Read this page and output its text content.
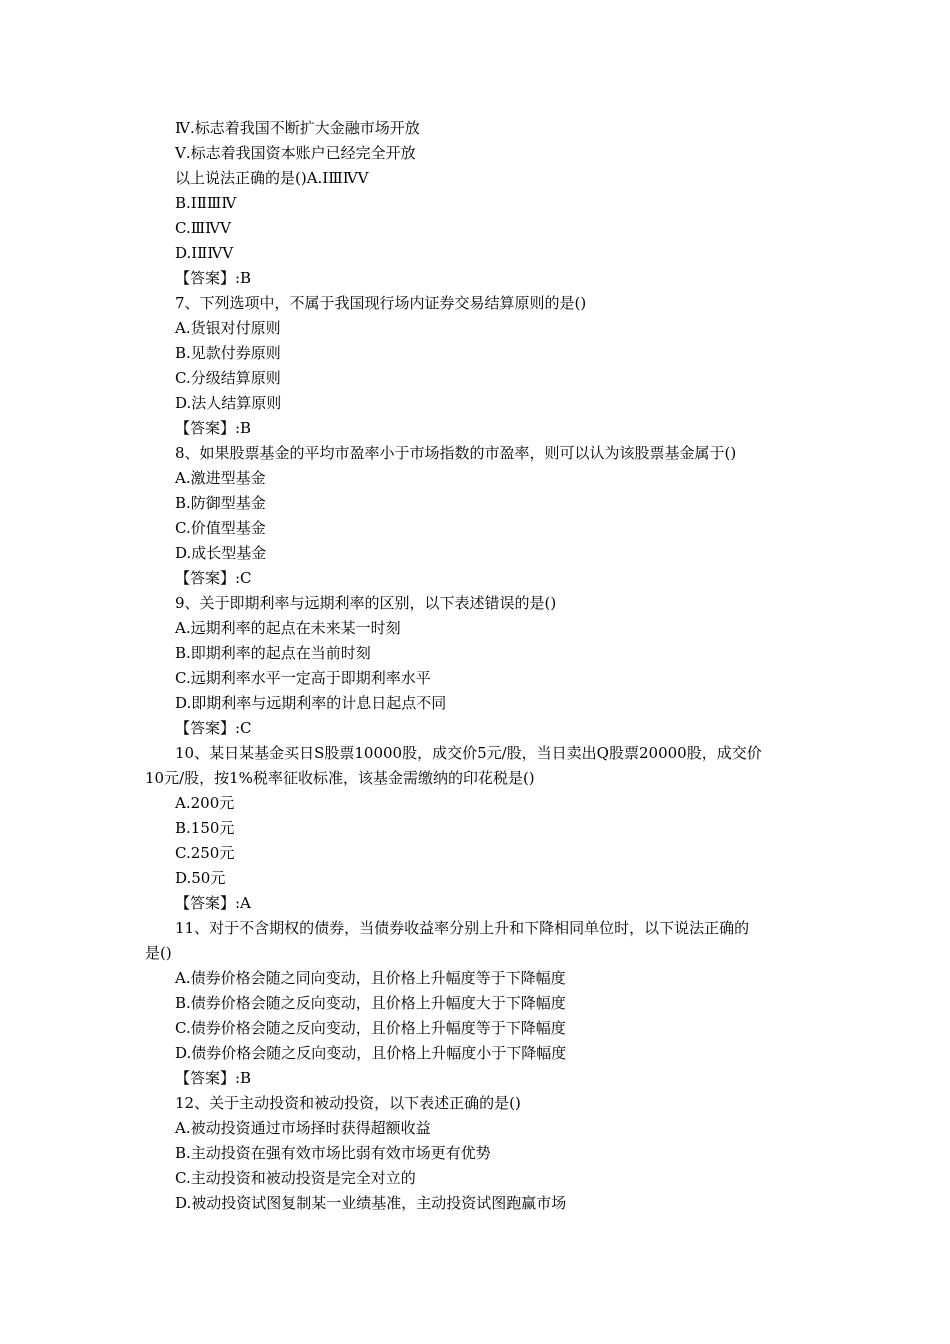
Ⅳ.标志着我国不断扩大金融市场开放
Ⅴ.标志着我国资本账户已经完全开放
以上说法正确的是()A.ⅠⅢⅣⅤ
B.ⅠⅡⅢⅣ
C.ⅢⅣⅤ
D.ⅠⅡⅣⅤ
【答案】:B
7、下列选项中，不属于我国现行场内证券交易结算原则的是()
A.货银对付原则
B.见款付券原则
C.分级结算原则
D.法人结算原则
【答案】:B
8、如果股票基金的平均市盈率小于市场指数的市盈率，则可以认为该股票基金属于()
A.激进型基金
B.防御型基金
C.价值型基金
D.成长型基金
【答案】:C
9、关于即期利率与远期利率的区别，以下表述错误的是()
A.远期利率的起点在未来某一时刻
B.即期利率的起点在当前时刻
C.远期利率水平一定高于即期利率水平
D.即期利率与远期利率的计息日起点不同
【答案】:C
10、某日某基金买日S股票10000股，成交价5元/股，当日卖出Q股票20000股，成交价
10元/股，按1%税率征收标准，该基金需缴纳的印花税是()
A.200元
B.150元
C.250元
D.50元
【答案】:A
11、对于不含期权的债券，当债券收益率分别上升和下降相同单位时，以下说法正确的
是()
A.债券价格会随之同向变动，且价格上升幅度等于下降幅度
B.债券价格会随之反向变动，且价格上升幅度大于下降幅度
C.债券价格会随之反向变动，且价格上升幅度等于下降幅度
D.债券价格会随之反向变动，且价格上升幅度小于下降幅度
【答案】:B
12、关于主动投资和被动投资，以下表述正确的是()
A.被动投资通过市场择时获得超额收益
B.主动投资在强有效市场比弱有效市场更有优势
C.主动投资和被动投资是完全对立的
D.被动投资试图复制某一业绩基准，主动投资试图跑赢市场
